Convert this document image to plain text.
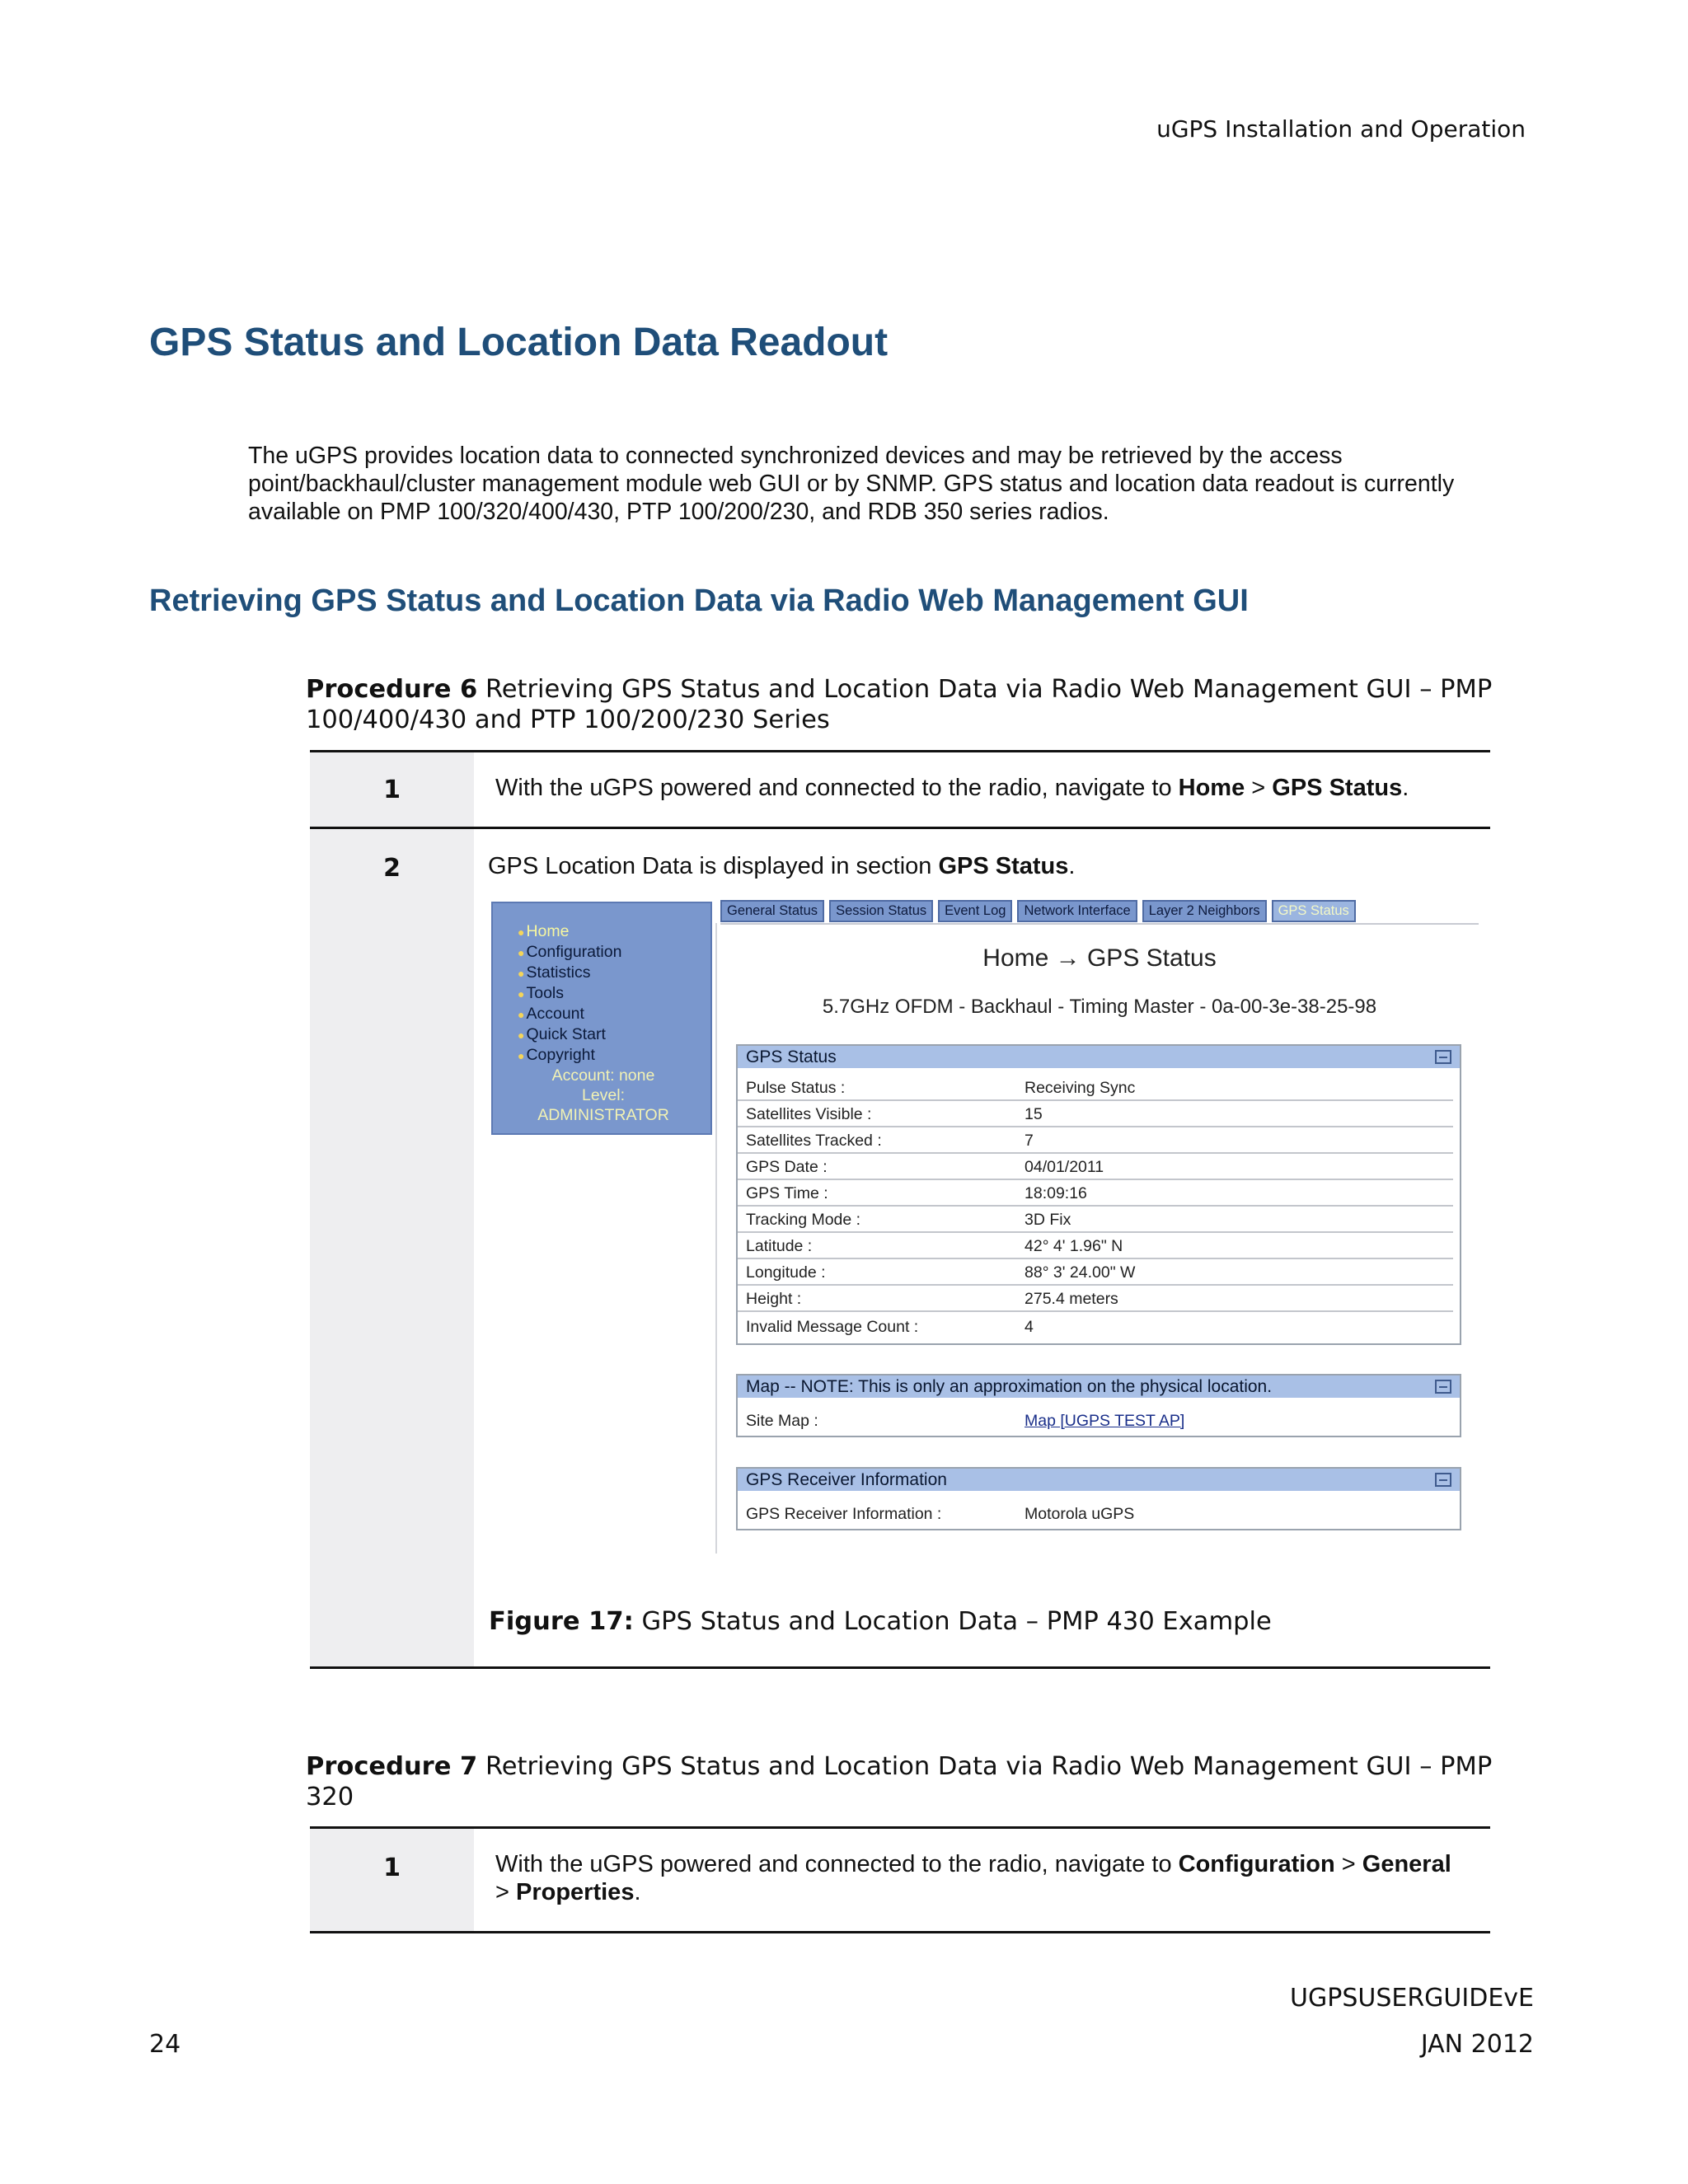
uGPS Installation and Operation
GPS Status and Location Data Readout
The uGPS provides location data to connected synchronized devices and may be retrieved by the access point/backhaul/cluster management module web GUI or by SNMP. GPS status and location data readout is currently available on PMP 100/320/400/430, PTP 100/200/230, and RDB 350 series radios.
Retrieving GPS Status and Location Data via Radio Web Management GUI
Procedure 6 Retrieving GPS Status and Location Data via Radio Web Management GUI – PMP 100/400/430 and PTP 100/200/230 Series
1	With the uGPS powered and connected to the radio, navigate to Home > GPS Status.
2	GPS Location Data is displayed in section GPS Status.
● Home
● Configuration
● Statistics
● Tools
● Account
● Quick Start
● Copyright
Account: none
Level:
ADMINISTRATOR
General Status	Session Status	Event Log	Network Interface	Layer 2 Neighbors	GPS Status
Home → GPS Status
5.7GHz OFDM - Backhaul - Timing Master - 0a-00-3e-38-25-98
GPS Status
Pulse Status :	Receiving Sync
Satellites Visible :	15
Satellites Tracked :	7
GPS Date :	04/01/2011
GPS Time :	18:09:16
Tracking Mode :	3D Fix
Latitude :	42° 4' 1.96" N
Longitude :	88° 3' 24.00" W
Height :	275.4 meters
Invalid Message Count :	4
Map -- NOTE: This is only an approximation on the physical location.
Site Map :	Map [UGPS TEST AP]
GPS Receiver Information
GPS Receiver Information :	Motorola uGPS
Figure 17: GPS Status and Location Data – PMP 430 Example
Procedure 7 Retrieving GPS Status and Location Data via Radio Web Management GUI – PMP 320
1	With the uGPS powered and connected to the radio, navigate to Configuration > General > Properties.
UGPSUSERGUIDEvE
JAN 2012
24
